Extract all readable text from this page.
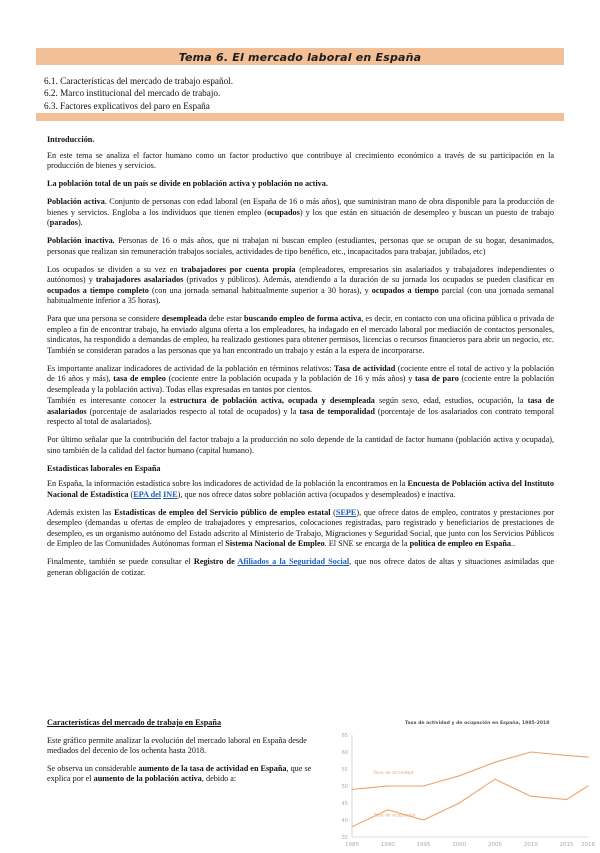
Tema 6. El mercado laboral en España
6.1. Características del mercado de trabajo español.
6.2. Marco institucional del mercado de trabajo.
6.3. Factores explicativos del paro en España

Introducción.

En este tema se analiza el factor humano como un factor productivo que contribuye al crecimiento económico a través de su participación en la producción de bienes y servicios.

La población total de un país se divide en población activa y población no activa.

Población activa. Conjunto de personas con edad laboral (en España de 16 o más años), que suministran mano de obra disponible para la producción de bienes y servicios. Engloba a los individuos que tienen empleo (ocupados) y los que están en situación de desempleo y buscan un puesto de trabajo (parados).

Población inactiva. Personas de 16 o más años, que ni trabajan ni buscan empleo (estudiantes, personas que se ocupan de su hogar, desanimados, personas que realizan sin remuneración trabajos sociales, actividades de tipo benéfico, etc., incapacitados para trabajar, jubilados, etc)

Los ocupados se dividen a su vez en trabajadores por cuenta propia (empleadores, empresarios sin asalariados y trabajadores independientes o autónomos) y trabajadores asalariados (privados y públicos). Además, atendiendo a la duración de su jornada los ocupados se pueden clasificar en ocupados a tiempo completo (con una jornada semanal habitualmente superior a 30 horas), y ocupados a tiempo parcial (con una jornada semanal habitualmente inferior a 35 horas).

Para que una persona se considere desempleada debe estar buscando empleo de forma activa, es decir, en contacto con una oficina pública o privada de empleo a fin de encontrar trabajo, ha enviado alguna oferta a los empleadores, ha indagado en el mercado laboral por mediación de contactos personales, sindicatos, ha respondido a demandas de empleo, ha realizado gestiones para obtener permisos, licencias o recursos financieros para abrir un negocio, etc. También se consideran parados a las personas que ya han encontrado un trabajo y están a la espera de incorporarse.

Es importante analizar indicadores de actividad de la población en términos relativos: Tasa de actividad (cociente entre el total de activo y la población de 16 años y más), tasa de empleo (cociente entre la población ocupada y la población de 16 y más años) y tasa de paro (cociente entre la población desempleada y la población activa). Todas ellas expresadas en tantos por cientos.

También es interesante conocer la estructura de población activa, ocupada y desempleada según sexo, edad, estudios, ocupación, la tasa de asalariados (porcentaje de asalariados respecto al total de ocupados) y la tasa de temporalidad (porcentaje de los asalariados con contrato temporal respecto al total de asalariados).

Por último señalar que la contribución del factor trabajo a la producción no solo depende de la cantidad de factor humano (población activa y ocupada), sino también de la calidad del factor humano (capital humano).

Estadísticas laborales en España

En España, la información estadística sobre los indicadores de actividad de la población la encontramos en la Encuesta de Población activa del Instituto Nacional de Estadística (EPA del INE), que nos ofrece datos sobre población activa (ocupados y desempleados) e inactiva.

Además existen las Estadísticas de empleo del Servicio público de empleo estatal (SEPE), que ofrece datos de empleo, contratos y prestaciones por desempleo (demandas u ofertas de empleo de trabajadores y empresarios, colocaciones registradas, paro registrado y beneficiarios de prestaciones de desempleo, es un organismo autónomo del Estado adscrito al Ministerio de Trabajo, Migraciones y Seguridad Social, que junto con los Servicios Públicos de Empleo de las Comunidades Autónomas forman el Sistema Nacional de Empleo. El SNE se encarga de la política de empleo en España..

Finalmente, también se puede consultar el Registro de Afiliados a la Seguridad Social, que nos ofrece datos de altas y situaciones asimiladas que generan obligación de cotizar.

Características del mercado de trabajo en España

Este gráfico permite analizar la evolución del mercado laboral en España desde mediados del decenio de los ochenta hasta 2018.

Se observa un considerable aumento de la tasa de actividad en España, que se explica por el aumento de la población activa, debido a:

Tasa de actividad y de ocupación en España, 1985-2018
65
60
55
50
45
40
35
1985	1990	1995	2000	2005	2010	2015 2018
Tasa de actividad
Tasa de ocupación
